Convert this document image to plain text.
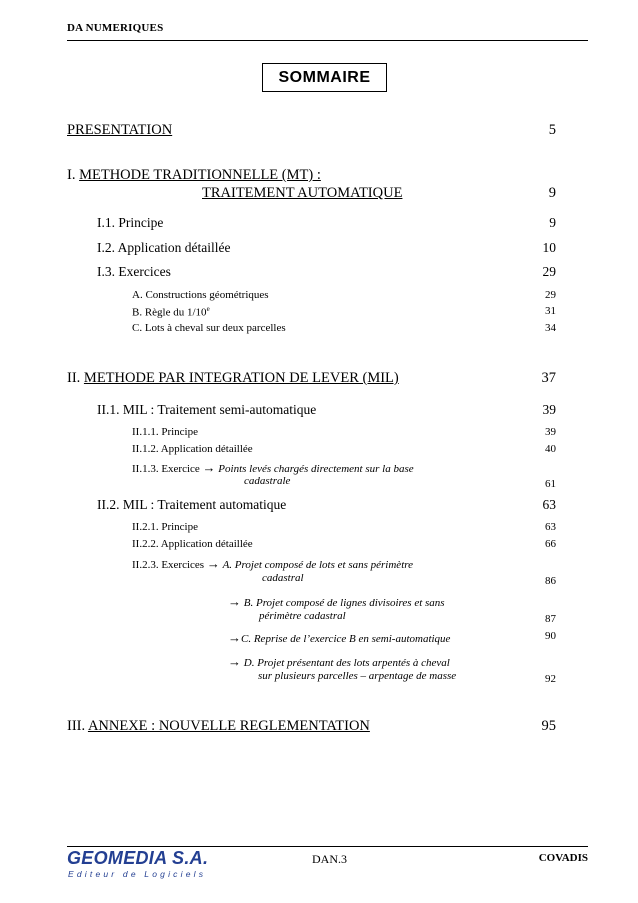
DA NUMERIQUES
SOMMAIRE
PRESENTATION	5
I. METHODE TRADITIONNELLE (MT) :
TRAITEMENT AUTOMATIQUE	9
I.1. Principe	9
I.2. Application détaillée	10
I.3. Exercices	29
A. Constructions géométriques	29
B. Règle du 1/10e	31
C. Lots à cheval sur deux parcelles	34
II. METHODE PAR INTEGRATION DE LEVER (MIL)	37
II.1. MIL : Traitement semi-automatique	39
II.1.1. Principe	39
II.1.2. Application détaillée	40
II.1.3. Exercice → Points levés chargés directement sur la base
cadastrale	61
II.2. MIL : Traitement automatique	63
II.2.1. Principe	63
II.2.2. Application détaillée	66
II.2.3. Exercices → A. Projet composé de lots et sans périmètre
cadastral	86
→ B. Projet composé de lignes divisoires et sans
périmètre cadastral	87
→C. Reprise de l’exercice B en semi-automatique	90
→ D. Projet présentant des lots arpentés à cheval
sur plusieurs parcelles – arpentage de masse	92
III. ANNEXE : NOUVELLE REGLEMENTATION	95
GEOMEDIA S.A.
Editeur de Logiciels
DAN.3	COVADIS
